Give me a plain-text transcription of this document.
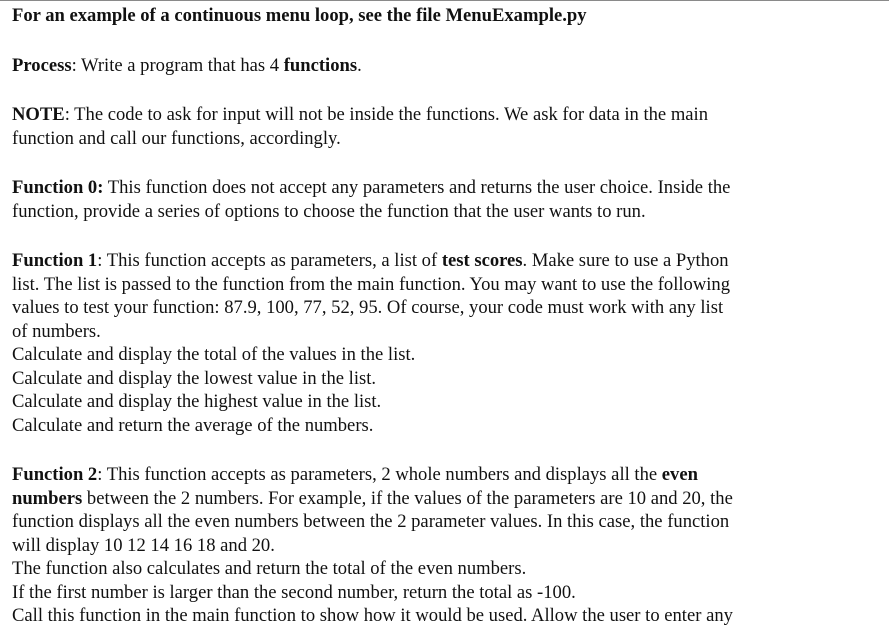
For an example of a continuous menu loop, see the file MenuExample.py
Process: Write a program that has 4 functions.
NOTE: The code to ask for input will not be inside the functions. We ask for data in the main
function and call our functions, accordingly.
Function 0: This function does not accept any parameters and returns the user choice. Inside the
function, provide a series of options to choose the function that the user wants to run.
Function 1: This function accepts as parameters, a list of test scores. Make sure to use a Python
list. The list is passed to the function from the main function. You may want to use the following
values to test your function: 87.9, 100, 77, 52, 95. Of course, your code must work with any list
of numbers.
Calculate and display the total of the values in the list.
Calculate and display the lowest value in the list.
Calculate and display the highest value in the list.
Calculate and return the average of the numbers.
Function 2: This function accepts as parameters, 2 whole numbers and displays all the even
numbers between the 2 numbers. For example, if the values of the parameters are 10 and 20, the
function displays all the even numbers between the 2 parameter values. In this case, the function
will display 10 12 14 16 18 and 20.
The function also calculates and return the total of the even numbers.
If the first number is larger than the second number, return the total as -100.
Call this function in the main function to show how it would be used. Allow the user to enter any
